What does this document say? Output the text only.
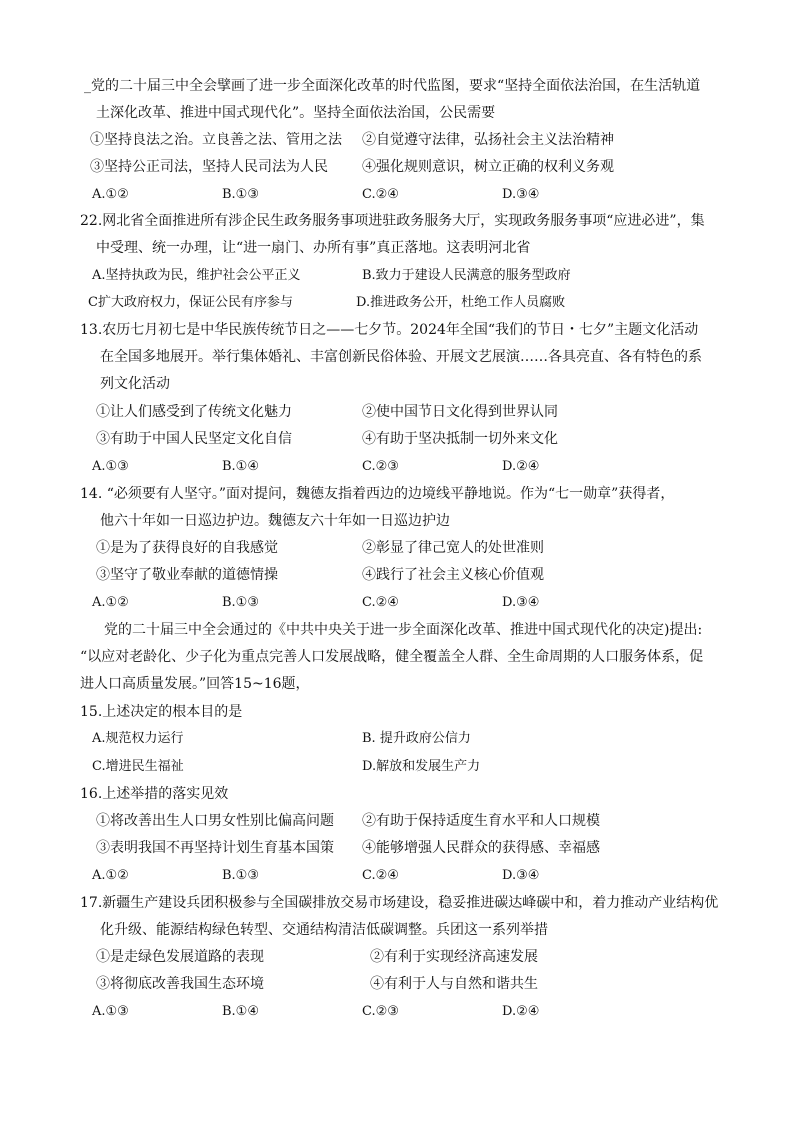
_党的二十届三中全会擘画了进一步全面深化改革的时代监图，要求“坚持全面依法治国，在生活轨道
土深化改革、推进中国式现代化”。坚持全面依法治国，公民需要
①坚持良法之治。立良善之法、管用之法 ②自觉遵守法律，弘扬社会主义法治精神
③坚持公正司法，坚持人民司法为人民 ④强化规则意识，树立正确的权利义务观
A.①②	B.①③	C.②④	D.③④
22.网北省全面推进所有涉企民生政务服务事项进驻政务服务大厅，实现政务服务事项“应进必进”，集
中受理、统一办理，让“进一扇门、办所有事”真正落地。这表明河北省
A.坚持执政为民，维护社会公平正义	B.致力于建设人民满意的服务型政府
C扩大政府权力，保证公民有序参与	D.推进政务公开，杜绝工作人员腐败
13.农历七月初七是中华民族传统节日之——七夕节。2024年全国“我们的节日・七夕”主题文化活动
在全国多地展开。举行集体婚礼、丰富创新民俗体验、开展文艺展演……各具亮直、各有特色的系
列文化活动
①让人们感受到了传统文化魅力	②使中国节日文化得到世界认同
③有助于中国人民坚定文化自信	④有助于坚决抵制一切外来文化
A.①③	B.①④	C.②③	D.②④
14. “必须要有人坚守。”面对提问，魏德友指着西边的边境线平静地说。作为“七一勋章”获得者，
他六十年如一日巡边护边。魏德友六十年如一日巡边护边
①是为了获得良好的自我感觉	②彰显了律己宽人的处世准则
③坚守了敬业奉献的道德情操	④践行了社会主义核心价值观
A.①②	B.①③	C.②④	D.③④
党的二十届三中全会通过的《中共中央关于进一步全面深化改革、推进中国式现代化的决定)提出:
“以应对老龄化、少子化为重点完善人口发展战略，健全覆盖全人群、全生命周期的人口服务体系，促
进人口高质量发展。”回答15~16题，
15.上述决定的根本目的是
A.规范权力运行	B. 提升政府公信力
C.增进民生福祉	D.解放和发展生产力
16.上述举措的落实见效
①将改善出生人口男女性别比偏高问题 ②有助于保持适度生育水平和人口规模
③表明我国不再坚持计划生育基本国策 ④能够增强人民群众的获得感、幸福感
A.①②	B.①③	C.②④	D.③④
17.新疆生产建设兵团积极参与全国碳排放交易市场建设，稳妥推进碳达峰碳中和，着力推动产业结构优
化升级、能源结构绿色转型、交通结构清洁低碳调整。兵团这一系列举措
①是走绿色发展道路的表现	②有利于实现经济高速发展
③将彻底改善我国生态环境	④有利于人与自然和谐共生
A.①③	B.①④	C.②③	D.②④
